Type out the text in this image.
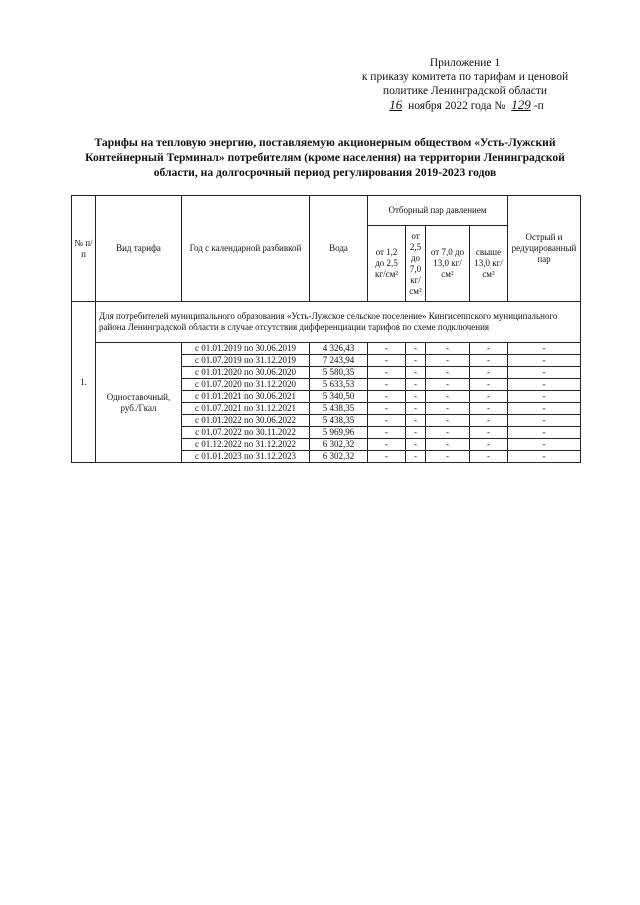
Приложение 1
к приказу комитета по тарифам и ценовой
политике Ленинградской области
16 ноября 2022 года № 129 -п
Тарифы на тепловую энергию, поставляемую акционерным обществом «Усть-Лужский
Контейнерный Терминал» потребителям (кроме населения) на территории Ленинградской
области, на долгосрочный период регулирования 2019-2023 годов
№ п/п	Вид тарифа	Год с календарной разбивкой	Вода	Отборный пар давлением				Острый и редуцированный пар
				от 1,2 до 2,5 кг/см²	от 2,5 до 7,0 кг/см²	от 7,0 до 13,0 кг/см²	свыше 13,0 кг/см²	
1.	Для потребителей муниципального образования «Усть-Лужское сельское поселение» Кингисеппского муниципального района Ленинградской области в случае отсутствия дифференциации тарифов по схеме подключения							
	Одноставочный, руб./Гкал	с 01.01.2019 по 30.06.2019	4 326,43	-	-	-	-	-
		с 01.07.2019 по 31.12.2019	7 243,94	-	-	-	-	-
		с 01.01.2020 по 30.06.2020	5 580,35	-	-	-	-	-
		с 01.07.2020 по 31.12.2020	5 633,53	-	-	-	-	-
		с 01.01.2021 по 30.06.2021	5 340,50	-	-	-	-	-
		с 01.07.2021 по 31.12.2021	5 438,35	-	-	-	-	-
		с 01.01.2022 по 30.06.2022	5 438,35	-	-	-	-	-
		с 01.07.2022 по 30.11.2022	5 969,96	-	-	-	-	-
		с 01.12.2022 по 31.12.2022	6 302,32	-	-	-	-	-
		с 01.01.2023 по 31.12.2023	6 302,32	-	-	-	-	-
